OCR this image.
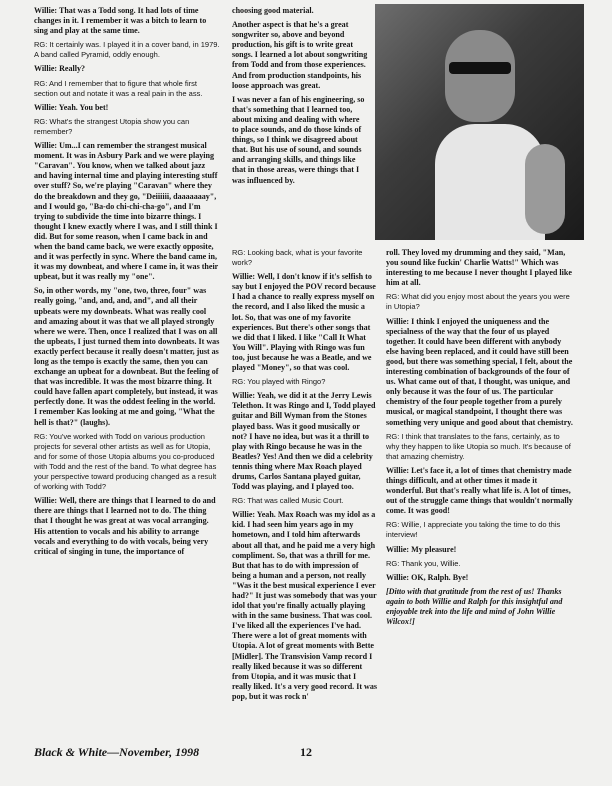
Willie: That was a Todd song. It had lots of time changes in it. I remember it was a bitch to learn to sing and play at the same time.

RG: It certainly was. I played it in a cover band, in 1979. A band called Pyramid, oddly enough.

Willie: Really?

RG: And I remember that to figure that whole first section out and notate it was a real pain in the ass.

Willie: Yeah. You bet!

RG: What's the strangest Utopia show you can remember?

Willie: Um...I can remember the strangest musical moment. It was in Asbury Park and we were playing "Caravan". You know, when we talked about jazz and having internal time and playing interesting stuff over stuff? So, we're playing "Caravan" where they do the breakdown and they go, "Deiiiiii, daaaaaaay", and I would go, "Ba-do chi-chi-cha-go", and I'm trying to subdivide the time into bizarre things. I thought I knew exactly where I was, and I still think I did. But for some reason, when I came back in and when the band came back, we were exactly opposite, and it was perfectly in sync. Where the band came in, it was my downbeat, and where I came in, it was their upbeat, but it was really my "one".

So, in other words, my "one, two, three, four" was really going, "and, and, and, and", and all their upbeats were my downbeats. What was really cool and amazing about it was that we all played strongly where we were. Then, once I realized that I was on all the upbeats, I just turned them into downbeats. It was exactly perfect because it really doesn't matter, just as long as the tempo is exactly the same, then you can exchange an upbeat for a downbeat. But the feeling of that was incredible. It was the most bizarre thing. It could have fallen apart completely, but instead, it was perfectly done. It was the oddest feeling in the world. I remember Kas looking at me and going, "What the hell is that?" (laughs).

RG: You've worked with Todd on various production projects for several other artists as well as for Utopia, and for some of those Utopia albums you co-produced with Todd and the rest of the band. To what degree has your perspective toward producing changed as a result of working with Todd?

Willie: Well, there are things that I learned to do and there are things that I learned not to do. The thing that I thought he was great at was vocal arranging. His attention to vocals and his ability to arrange vocals and everything to do with vocals, being very critical of singing in tune, the importance of

choosing good material.

Another aspect is that he's a great songwriter so, above and beyond production, his gift is to write great songs. I learned a lot about songwriting from Todd and from those experiences. And from production standpoints, his loose approach was great.

I was never a fan of his engineering, so that's something that I learned too, about mixing and dealing with where to place sounds, and do those kinds of things, so I think we disagreed about that. But his use of sound, and sounds and arranging skills, and things like that in those areas, were things that I was influenced by.

RG: Looking back, what is your favorite work?

Willie: Well, I don't know if it's selfish to say but I enjoyed the POV record because I had a chance to really express myself on the record, and I also liked the music a lot. So, that was one of my favorite experiences. But there's other songs that we did that I liked. I like "Call It What You Will". Playing with Ringo was fun too, just because he was a Beatle, and we played "Money", so that was cool.

RG: You played with Ringo?

Willie: Yeah, we did it at the Jerry Lewis Telethon. It was Ringo and I, Todd played guitar and Bill Wyman from the Stones played bass. Was it good musically or not? I have no idea, but was it a thrill to play with Ringo because he was in the Beatles? Yes! And then we did a celebrity tennis thing where Max Roach played drums, Carlos Santana played guitar, Todd was playing, and I played too.

RG: That was called Music Court.

Willie: Yeah. Max Roach was my idol as a kid. I had seen him years ago in my hometown, and I told him afterwards about all that, and he paid me a very high compliment. So, that was a thrill for me. But that has to do with impression of being a human and a person, not really "Was it the best musical experience I ever had?" It just was somebody that was your idol that you're finally actually playing with in the same business. That was cool. I've liked all the experiences I've had. There were a lot of great moments with Utopia. A lot of great moments with Bette [Midler]. The Transvision Vamp record I really liked because it was so different from Utopia, and it was music that I really liked. It's a very good record. It was pop, but it was rock n'

roll. They loved my drumming and they said, "Man, you sound like fuckin' Charlie Watts!" Which was interesting to me because I never thought I played like him at all.

RG: What did you enjoy most about the years you were in Utopia?

Willie: I think I enjoyed the uniqueness and the specialness of the way that the four of us played together. It could have been different with anybody else having been replaced, and it could have still been good, but there was something special, I felt, about the interesting combination of backgrounds of the four of us. What came out of that, I thought, was unique, and only because it was the four of us. The particular chemistry of the four people together from a purely musical, or magical standpoint, I thought there was something very unique and good about that chemistry.

RG: I think that translates to the fans, certainly, as to why they happen to like Utopia so much. It's because of that amazing chemistry.

Willie: Let's face it, a lot of times that chemistry made things difficult, and at other times it made it wonderful. But that's really what life is. A lot of times, out of the struggle came things that wouldn't normally come. It was good!

RG: Willie, I appreciate you taking the time to do this interview!

Willie: My pleasure!

RG: Thank you, Willie.

Willie: OK, Ralph. Bye!

[Ditto with that gratitude from the rest of us! Thanks again to both Willie and Ralph for this insightful and enjoyable trek into the life and mind of John Willie Wilcox!]

Black & White—November, 1998	12
